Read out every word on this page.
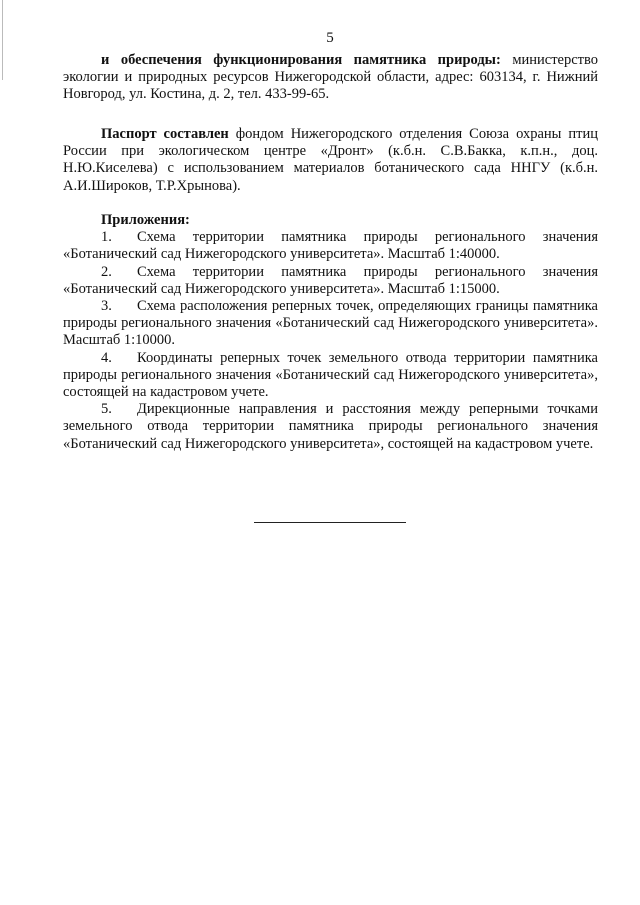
5

и обеспечения функционирования памятника природы: министерство экологии и природных ресурсов Нижегородской области, адрес: 603134, г. Нижний Новгород, ул. Костина, д. 2, тел. 433-99-65.

Паспорт составлен фондом Нижегородского отделения Союза охраны птиц России при экологическом центре «Дронт» (к.б.н. С.В.Бакка, к.п.н., доц. Н.Ю.Киселева) с использованием материалов ботанического сада ННГУ (к.б.н. А.И.Широков, Т.Р.Хрынова).

Приложения:

1. Схема территории памятника природы регионального значения «Ботанический сад Нижегородского университета». Масштаб 1:40000.

2. Схема территории памятника природы регионального значения «Ботанический сад Нижегородского университета». Масштаб 1:15000.

3. Схема расположения реперных точек, определяющих границы памятника природы регионального значения «Ботанический сад Нижегородского университета». Масштаб 1:10000.

4. Координаты реперных точек земельного отвода территории памятника природы регионального значения «Ботанический сад Нижегородского университета», состоящей на кадастровом учете.

5. Дирекционные направления и расстояния между реперными точками земельного отвода территории памятника природы регионального значения «Ботанический сад Нижегородского университета», состоящей на кадастровом учете.
